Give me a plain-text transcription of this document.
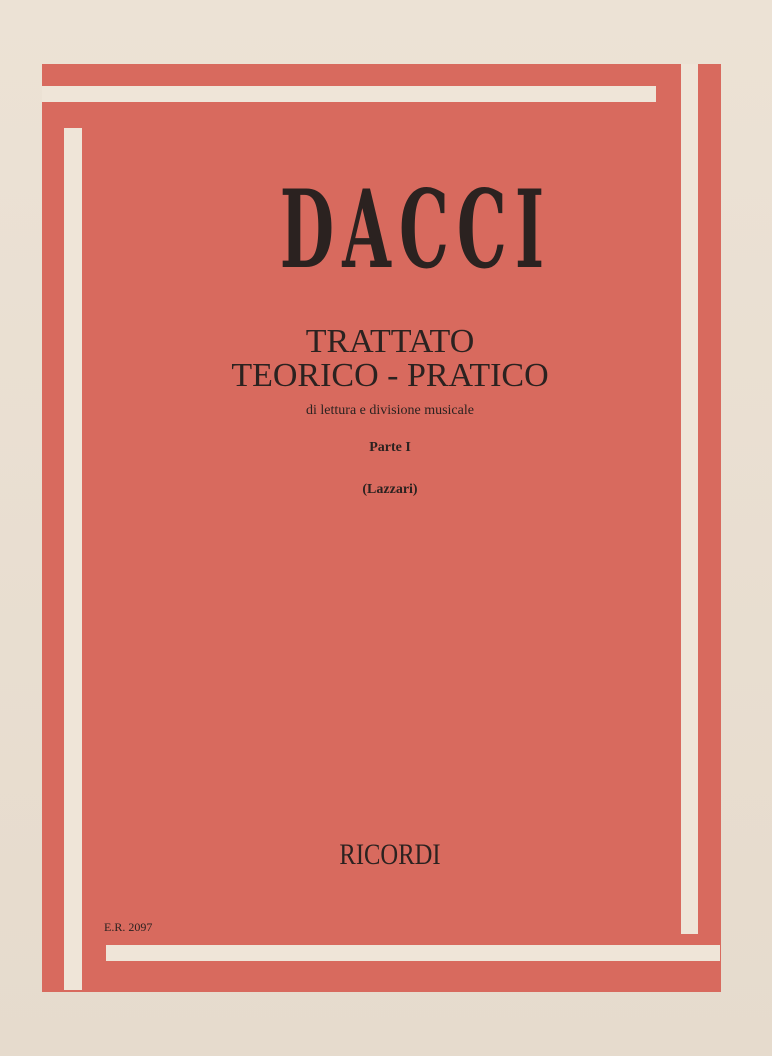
DACCI
TRATTATO
TEORICO - PRATICO
di lettura e divisione musicale
Parte I
(Lazzari)
RICORDI
E.R. 2097
